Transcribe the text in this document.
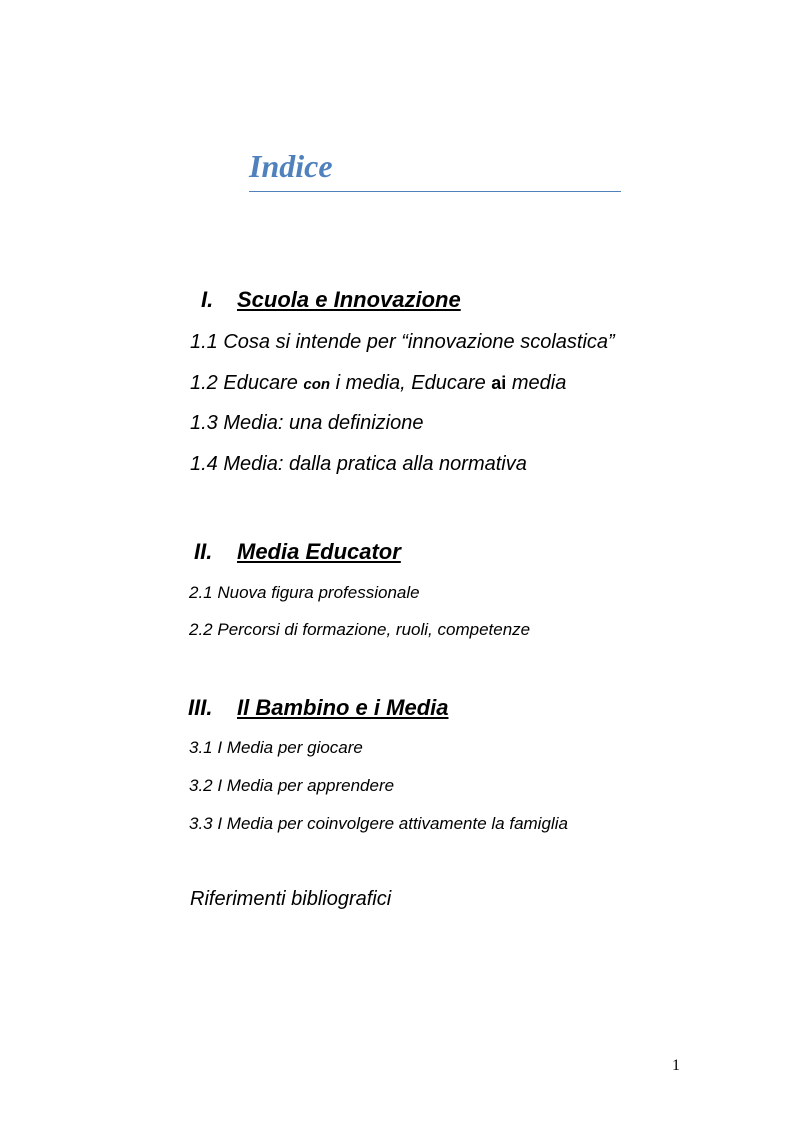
Indice
I. Scuola e Innovazione
1.1 Cosa si intende per “innovazione scolastica”
1.2 Educare con i media, Educare ai media
1.3 Media: una definizione
1.4 Media: dalla pratica alla normativa
II. Media Educator
2.1 Nuova figura professionale
2.2 Percorsi di formazione, ruoli, competenze
III. Il Bambino e i Media
3.1 I Media per giocare
3.2 I Media per apprendere
3.3 I Media per coinvolgere attivamente la famiglia
Riferimenti bibliografici
1
